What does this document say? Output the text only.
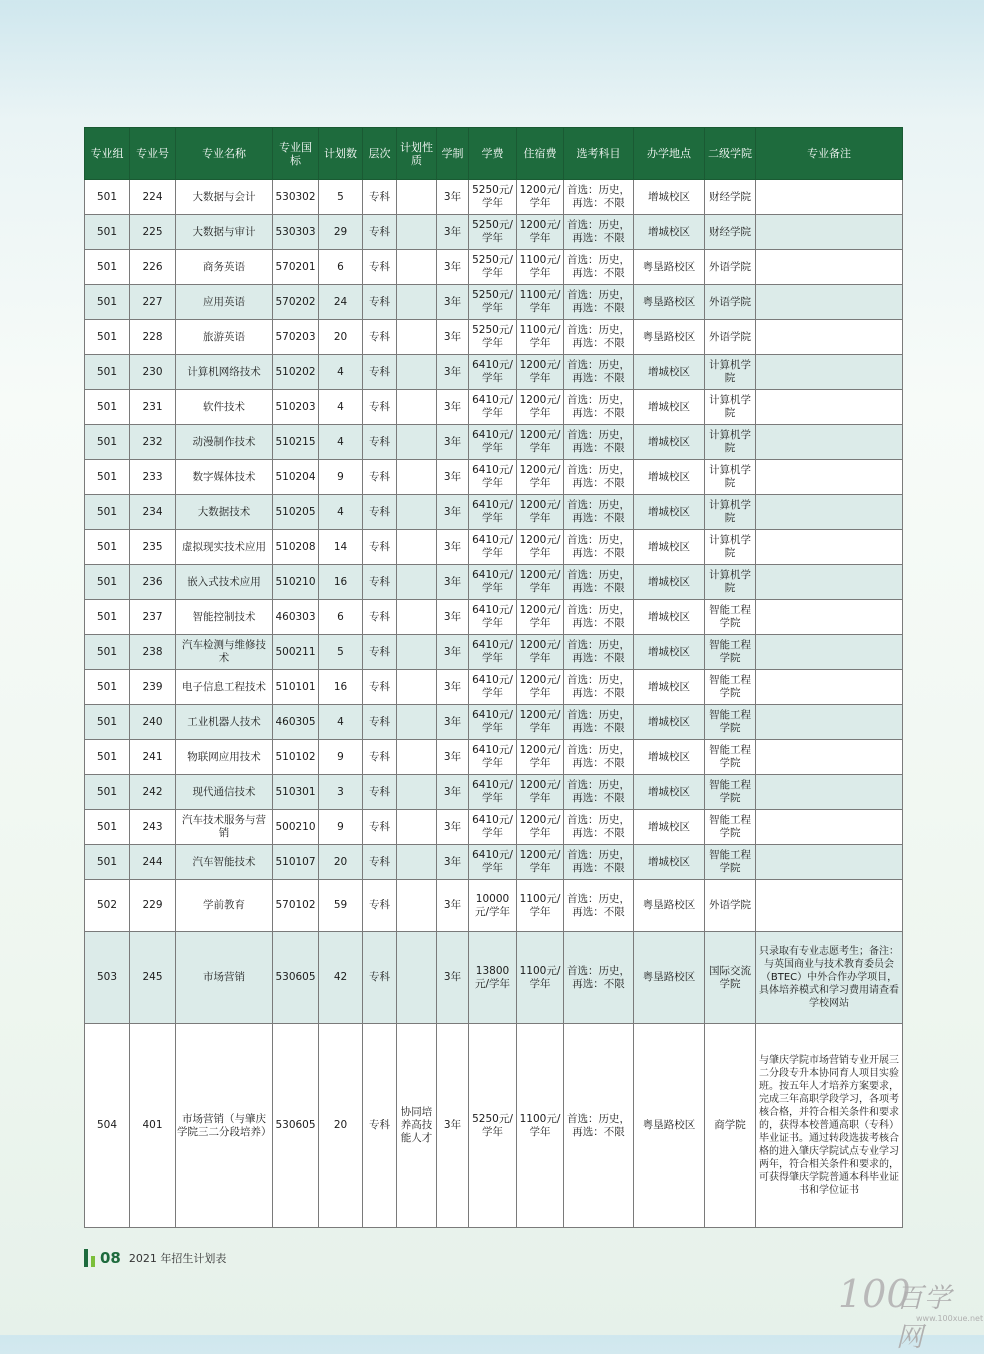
专业组	专业号	专业名称	专业国标	计划数	层次	计划性质	学制	学费	住宿费	选考科目	办学地点	二级学院	专业备注
501	224	大数据与会计	530302	5	专科		3年	5250元/学年	1200元/学年	首选：历史，再选：不限	增城校区	财经学院	
501	225	大数据与审计	530303	29	专科		3年	5250元/学年	1200元/学年	首选：历史，再选：不限	增城校区	财经学院	
501	226	商务英语	570201	6	专科		3年	5250元/学年	1100元/学年	首选：历史，再选：不限	粤垦路校区	外语学院	
501	227	应用英语	570202	24	专科		3年	5250元/学年	1100元/学年	首选：历史，再选：不限	粤垦路校区	外语学院	
501	228	旅游英语	570203	20	专科		3年	5250元/学年	1100元/学年	首选：历史，再选：不限	粤垦路校区	外语学院	
501	230	计算机网络技术	510202	4	专科		3年	6410元/学年	1200元/学年	首选：历史，再选：不限	增城校区	计算机学院	
501	231	软件技术	510203	4	专科		3年	6410元/学年	1200元/学年	首选：历史，再选：不限	增城校区	计算机学院	
501	232	动漫制作技术	510215	4	专科		3年	6410元/学年	1200元/学年	首选：历史，再选：不限	增城校区	计算机学院	
501	233	数字媒体技术	510204	9	专科		3年	6410元/学年	1200元/学年	首选：历史，再选：不限	增城校区	计算机学院	
501	234	大数据技术	510205	4	专科		3年	6410元/学年	1200元/学年	首选：历史，再选：不限	增城校区	计算机学院	
501	235	虚拟现实技术应用	510208	14	专科		3年	6410元/学年	1200元/学年	首选：历史，再选：不限	增城校区	计算机学院	
501	236	嵌入式技术应用	510210	16	专科		3年	6410元/学年	1200元/学年	首选：历史，再选：不限	增城校区	计算机学院	
501	237	智能控制技术	460303	6	专科		3年	6410元/学年	1200元/学年	首选：历史，再选：不限	增城校区	智能工程学院	
501	238	汽车检测与维修技术	500211	5	专科		3年	6410元/学年	1200元/学年	首选：历史，再选：不限	增城校区	智能工程学院	
501	239	电子信息工程技术	510101	16	专科		3年	6410元/学年	1200元/学年	首选：历史，再选：不限	增城校区	智能工程学院	
501	240	工业机器人技术	460305	4	专科		3年	6410元/学年	1200元/学年	首选：历史，再选：不限	增城校区	智能工程学院	
501	241	物联网应用技术	510102	9	专科		3年	6410元/学年	1200元/学年	首选：历史，再选：不限	增城校区	智能工程学院	
501	242	现代通信技术	510301	3	专科		3年	6410元/学年	1200元/学年	首选：历史，再选：不限	增城校区	智能工程学院	
501	243	汽车技术服务与营销	500210	9	专科		3年	6410元/学年	1200元/学年	首选：历史，再选：不限	增城校区	智能工程学院	
501	244	汽车智能技术	510107	20	专科		3年	6410元/学年	1200元/学年	首选：历史，再选：不限	增城校区	智能工程学院	
502	229	学前教育	570102	59	专科		3年	10000元/学年	1100元/学年	首选：历史，再选：不限	粤垦路校区	外语学院	
503	245	市场营销	530605	42	专科		3年	13800元/学年	1100元/学年	首选：历史，再选：不限	粤垦路校区	国际交流学院	只录取有专业志愿考生；备注：与英国商业与技术教育委员会（BTEC）中外合作办学项目，具体培养模式和学习费用请查看学校网站
504	401	市场营销（与肇庆学院三二分段培养）	530605	20	专科	协同培养高技能人才	3年	5250元/学年	1100元/学年	首选：历史，再选：不限	粤垦路校区	商学院	与肇庆学院市场营销专业开展三二分段专升本协同育人项目实验班。按五年人才培养方案要求，完成三年高职学段学习，各项考核合格，并符合相关条件和要求的，获得本校普通高职（专科）毕业证书。通过转段选拔考核合格的进入肇庆学院试点专业学习两年，符合相关条件和要求的，可获得肇庆学院普通本科毕业证书和学位证书
08 2021 年招生计划表
100
百学网
www.100xue.net
